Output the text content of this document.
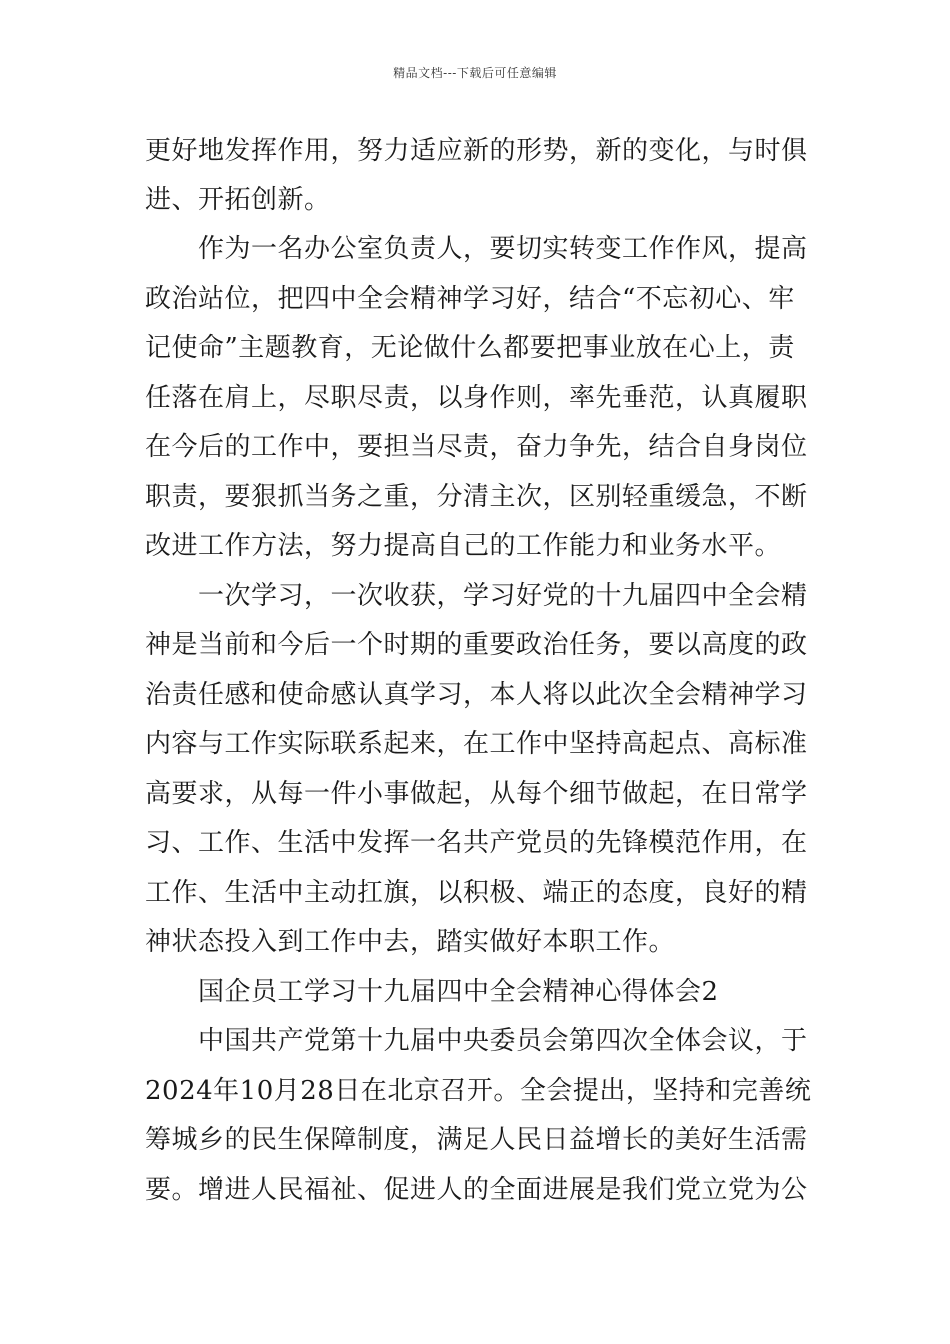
精品文档---下载后可任意编辑
更好地发挥作用，努力适应新的形势，新的变化，与时俱
进、开拓创新。
作为一名办公室负责人，要切实转变工作作风，提高
政治站位，把四中全会精神学习好，结合“不忘初心、牢
记使命”主题教育，无论做什么都要把事业放在心上，责
任落在肩上，尽职尽责，以身作则，率先垂范，认真履职
在今后的工作中，要担当尽责，奋力争先，结合自身岗位
职责，要狠抓当务之重，分清主次，区别轻重缓急，不断
改进工作方法，努力提高自己的工作能力和业务水平。
一次学习，一次收获，学习好党的十九届四中全会精
神是当前和今后一个时期的重要政治任务，要以高度的政
治责任感和使命感认真学习，本人将以此次全会精神学习
内容与工作实际联系起来，在工作中坚持高起点、高标准
高要求，从每一件小事做起，从每个细节做起，在日常学
习、工作、生活中发挥一名共产党员的先锋模范作用，在
工作、生活中主动扛旗，以积极、端正的态度，良好的精
神状态投入到工作中去，踏实做好本职工作。
国企员工学习十九届四中全会精神心得体会2
中国共产党第十九届中央委员会第四次全体会议，于
2024年10月28日在北京召开。全会提出，坚持和完善统
筹城乡的民生保障制度，满足人民日益增长的美好生活需
要。增进人民福祉、促进人的全面进展是我们党立党为公
